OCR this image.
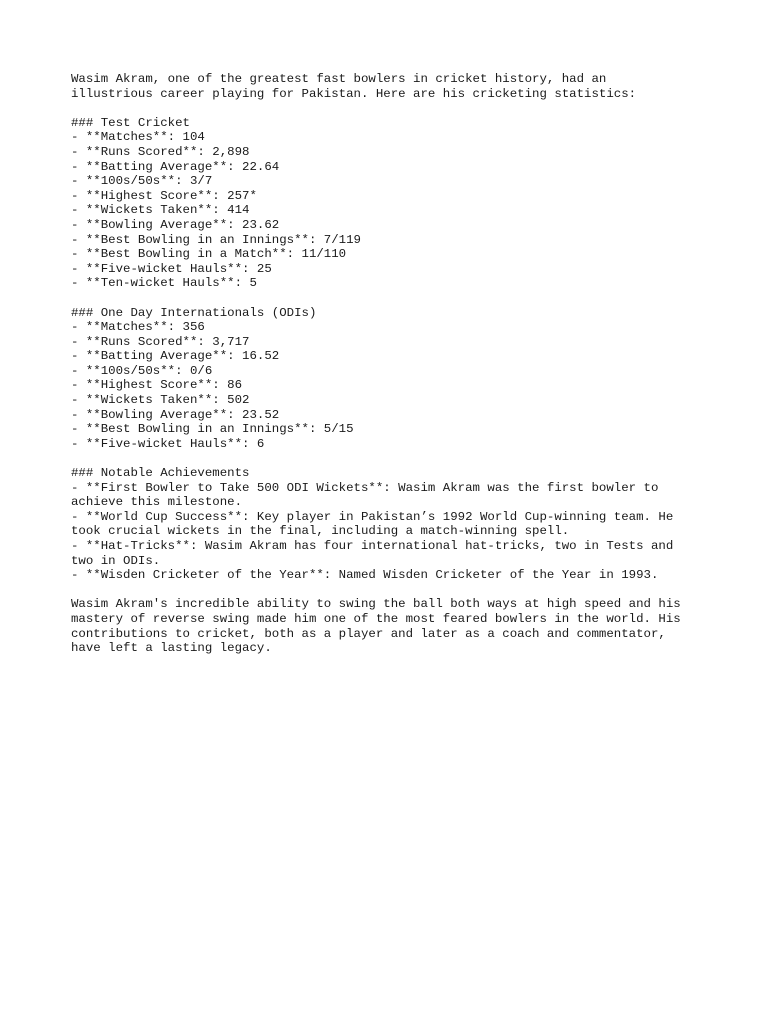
Wasim Akram, one of the greatest fast bowlers in cricket history, had an
illustrious career playing for Pakistan. Here are his cricketing statistics:
### Test Cricket
- **Matches**: 104
- **Runs Scored**: 2,898
- **Batting Average**: 22.64
- **100s/50s**: 3/7
- **Highest Score**: 257*
- **Wickets Taken**: 414
- **Bowling Average**: 23.62
- **Best Bowling in an Innings**: 7/119
- **Best Bowling in a Match**: 11/110
- **Five-wicket Hauls**: 25
- **Ten-wicket Hauls**: 5
### One Day Internationals (ODIs)
- **Matches**: 356
- **Runs Scored**: 3,717
- **Batting Average**: 16.52
- **100s/50s**: 0/6
- **Highest Score**: 86
- **Wickets Taken**: 502
- **Bowling Average**: 23.52
- **Best Bowling in an Innings**: 5/15
- **Five-wicket Hauls**: 6
### Notable Achievements
- **First Bowler to Take 500 ODI Wickets**: Wasim Akram was the first bowler to
achieve this milestone.
- **World Cup Success**: Key player in Pakistan’s 1992 World Cup-winning team. He
took crucial wickets in the final, including a match-winning spell.
- **Hat-Tricks**: Wasim Akram has four international hat-tricks, two in Tests and
two in ODIs.
- **Wisden Cricketer of the Year**: Named Wisden Cricketer of the Year in 1993.
Wasim Akram's incredible ability to swing the ball both ways at high speed and his
mastery of reverse swing made him one of the most feared bowlers in the world. His
contributions to cricket, both as a player and later as a coach and commentator,
have left a lasting legacy.
